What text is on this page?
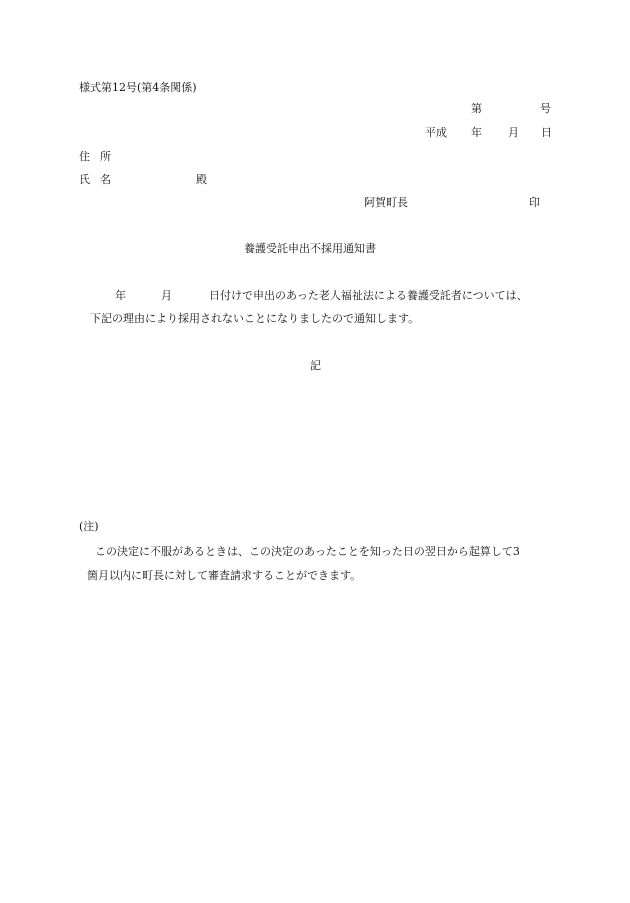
様式第12号(第4条関係)
第	号
平成 年 月 日
住所
氏名	殿
阿賀町長	印
養護受託申出不採用通知書
年	月	日付けで申出のあった老人福祉法による養護受託者については、
下記の理由により採用されないことになりましたので通知します。
記
(注)
この決定に不服があるときは、この決定のあったことを知った日の翌日から起算して3
箇月以内に町長に対して審査請求することができます。
